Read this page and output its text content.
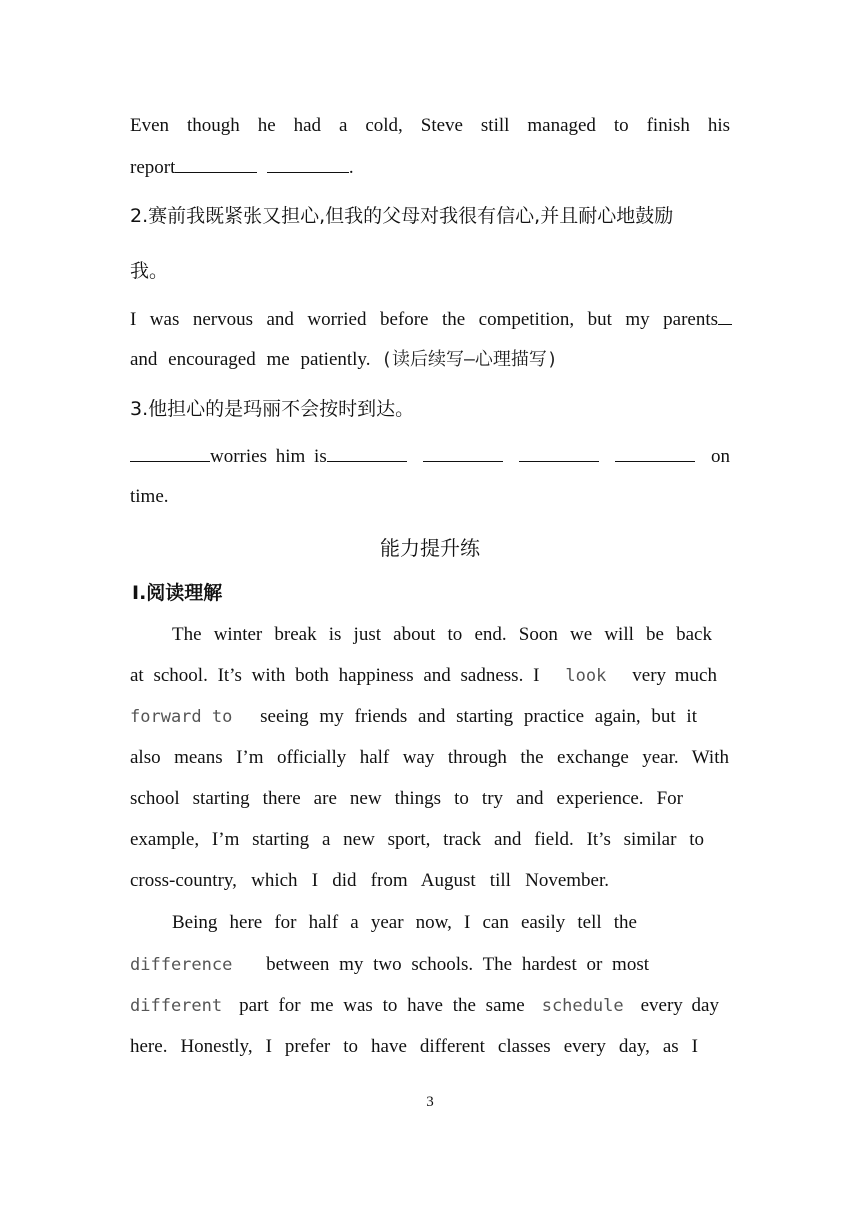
Even though he had a cold, Steve still managed to finish his
report	.
2.赛前我既紧张又担心,但我的父母对我很有信心,并且耐心地鼓励
我。
I was nervous and worried before the competition, but my parents
and encouraged me patiently. (读后续写—心理描写)
3.他担心的是玛丽不会按时到达。
worries him is	on
time.
能力提升练
Ⅰ.阅读理解
The winter break is just about to end. Soon we will be back
at school. It’s with both happiness and sadness. I look very much
forward to seeing my friends and starting practice again, but it
also means I’m officially half way through the exchange year. With
school starting there are new things to try and experience. For
example, I’m starting a new sport, track and field. It’s similar to
cross-country, which I did from August till November.
Being here for half a year now, I can easily tell the
difference between my two schools. The hardest or most
different part for me was to have the same schedule every day
here. Honestly, I prefer to have different classes every day, as I
3
